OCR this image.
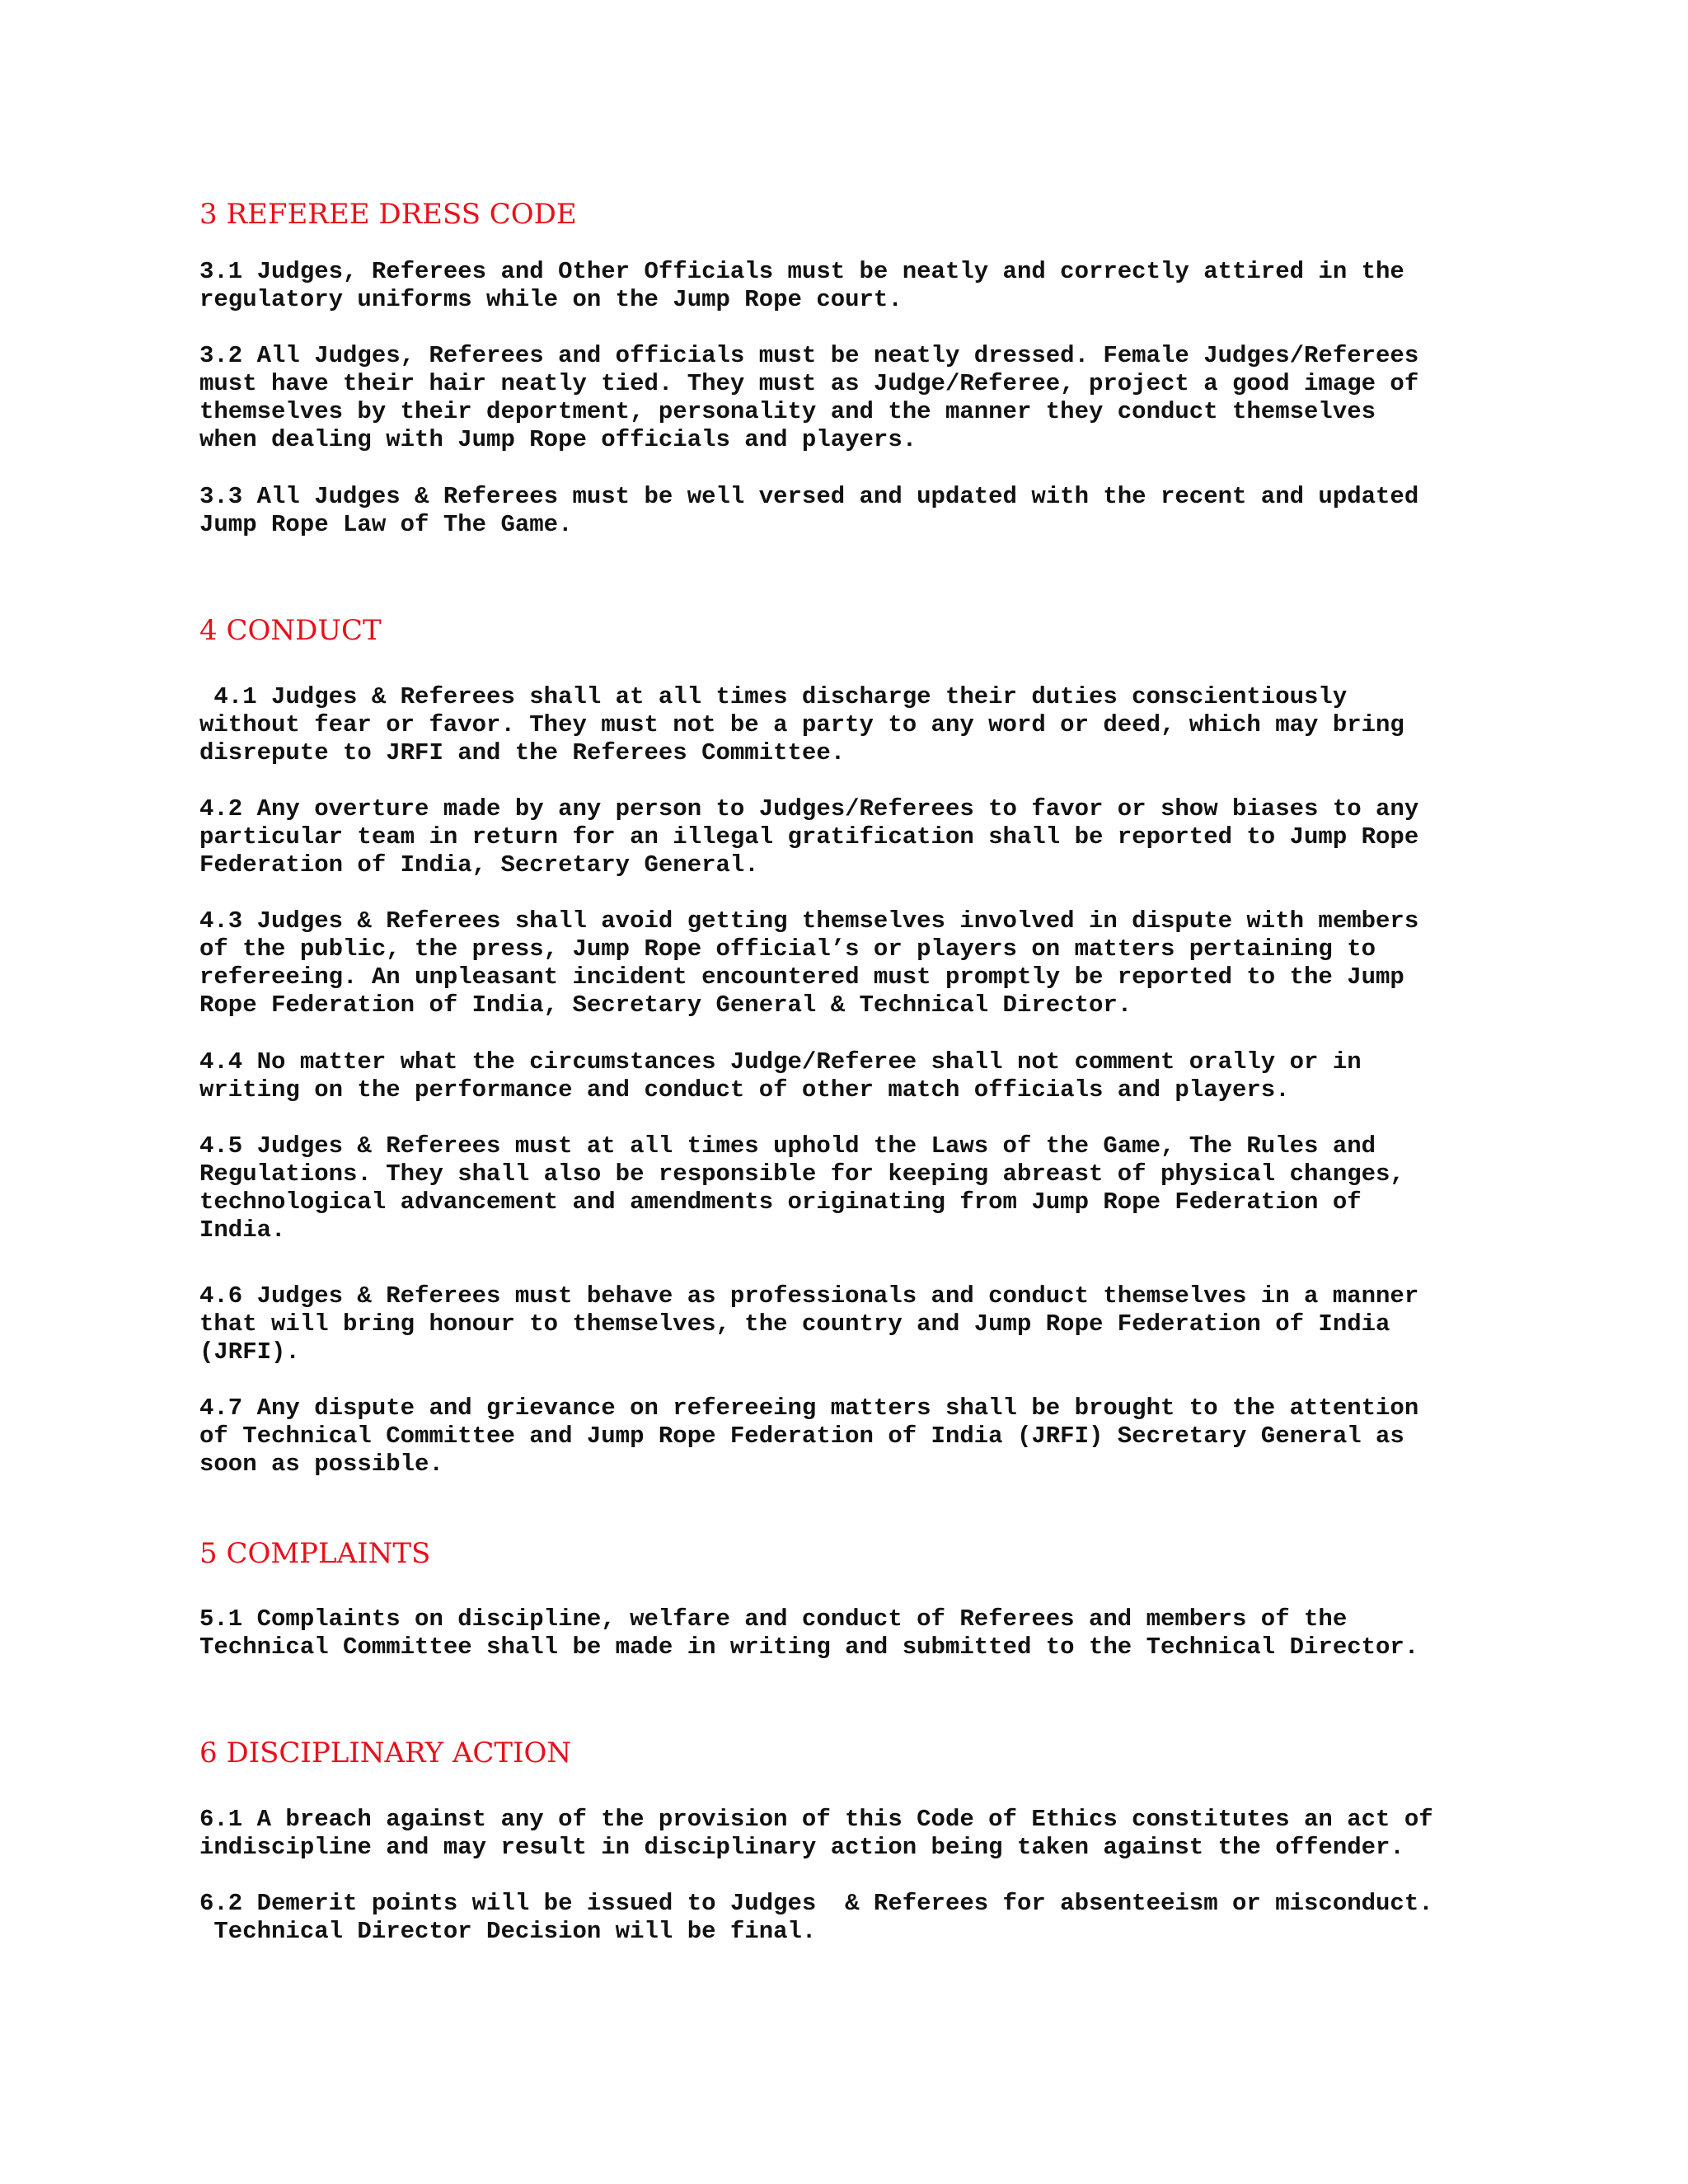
3 REFEREE DRESS CODE

3.1 Judges, Referees and Other Officials must be neatly and correctly attired in the
regulatory uniforms while on the Jump Rope court.

3.2 All Judges, Referees and officials must be neatly dressed. Female Judges/Referees
must have their hair neatly tied. They must as Judge/Referee, project a good image of
themselves by their deportment, personality and the manner they conduct themselves
when dealing with Jump Rope officials and players.

3.3 All Judges & Referees must be well versed and updated with the recent and updated
Jump Rope Law of The Game.

4 CONDUCT

4.1 Judges & Referees shall at all times discharge their duties conscientiously
without fear or favor. They must not be a party to any word or deed, which may bring
disrepute to JRFI and the Referees Committee.

4.2 Any overture made by any person to Judges/Referees to favor or show biases to any
particular team in return for an illegal gratification shall be reported to Jump Rope
Federation of India, Secretary General.

4.3 Judges & Referees shall avoid getting themselves involved in dispute with members
of the public, the press, Jump Rope official’s or players on matters pertaining to
refereeing. An unpleasant incident encountered must promptly be reported to the Jump
Rope Federation of India, Secretary General & Technical Director.

4.4 No matter what the circumstances Judge/Referee shall not comment orally or in
writing on the performance and conduct of other match officials and players.

4.5 Judges & Referees must at all times uphold the Laws of the Game, The Rules and
Regulations. They shall also be responsible for keeping abreast of physical changes,
technological advancement and amendments originating from Jump Rope Federation of
India.

4.6 Judges & Referees must behave as professionals and conduct themselves in a manner
that will bring honour to themselves, the country and Jump Rope Federation of India
(JRFI).

4.7 Any dispute and grievance on refereeing matters shall be brought to the attention
of Technical Committee and Jump Rope Federation of India (JRFI) Secretary General as
soon as possible.

5 COMPLAINTS

5.1 Complaints on discipline, welfare and conduct of Referees and members of the
Technical Committee shall be made in writing and submitted to the Technical Director.

6 DISCIPLINARY ACTION

6.1 A breach against any of the provision of this Code of Ethics constitutes an act of
indiscipline and may result in disciplinary action being taken against the offender.

6.2 Demerit points will be issued to Judges  & Referees for absenteeism or misconduct.
Technical Director Decision will be final.
